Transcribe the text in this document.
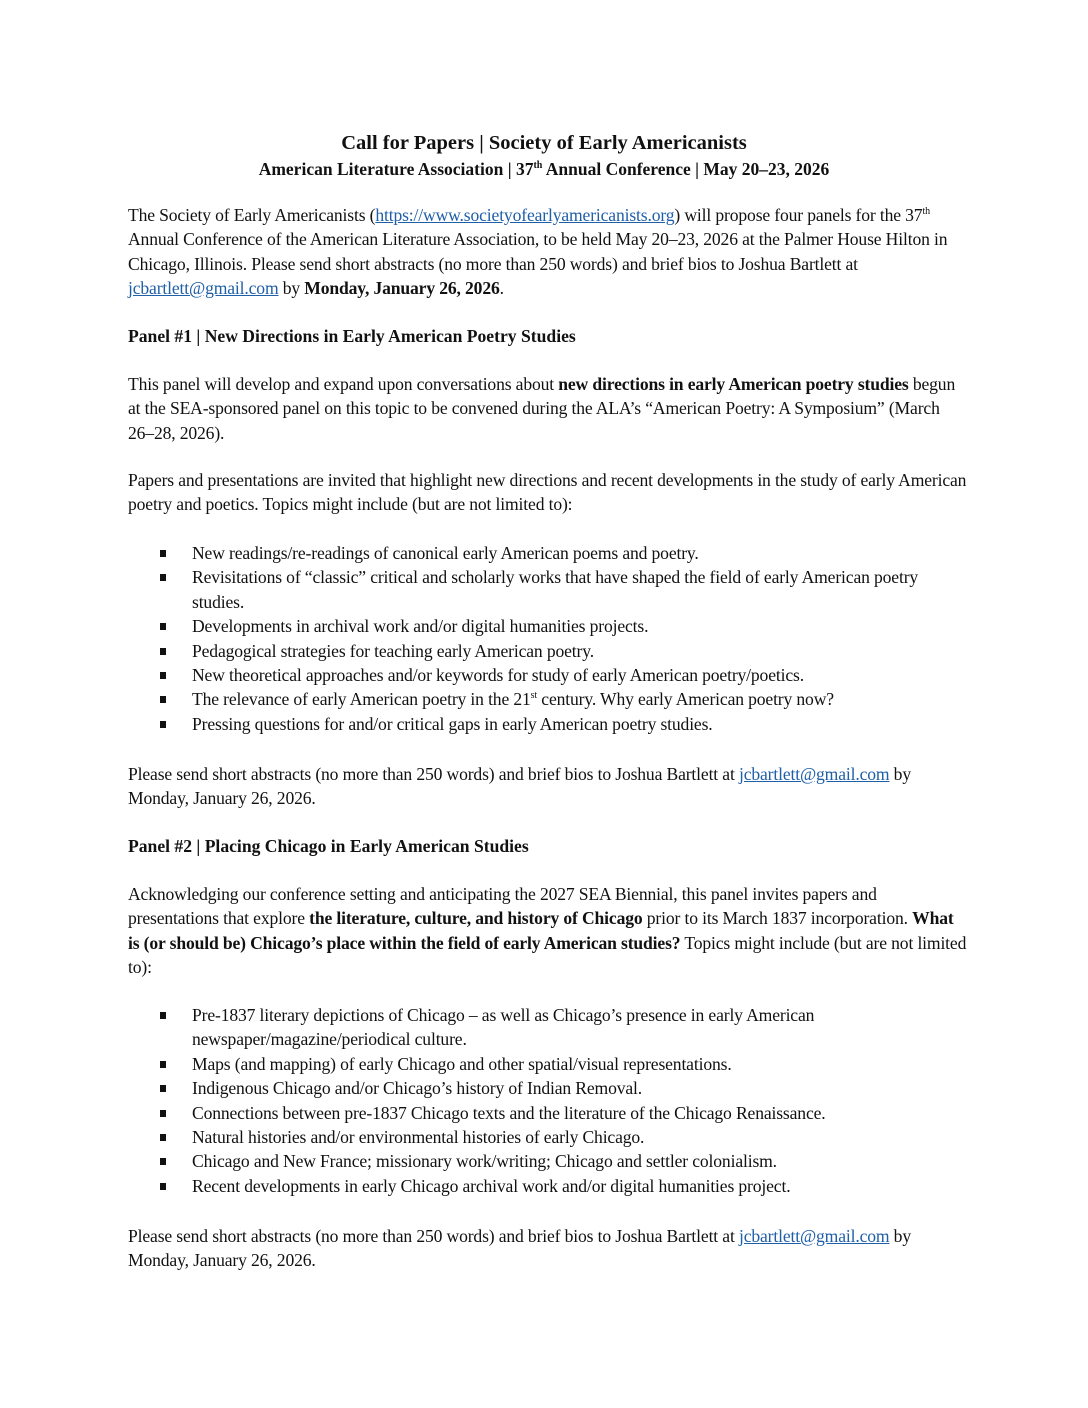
Call for Papers | Society of Early Americanists
American Literature Association | 37th Annual Conference | May 20–23, 2026
The Society of Early Americanists (https://www.societyofearlyamericanists.org) will propose four panels for the 37th Annual Conference of the American Literature Association, to be held May 20–23, 2026 at the Palmer House Hilton in Chicago, Illinois. Please send short abstracts (no more than 250 words) and brief bios to Joshua Bartlett at jcbartlett@gmail.com by Monday, January 26, 2026.
Panel #1 | New Directions in Early American Poetry Studies
This panel will develop and expand upon conversations about new directions in early American poetry studies begun at the SEA-sponsored panel on this topic to be convened during the ALA’s “American Poetry: A Symposium” (March 26–28, 2026).
Papers and presentations are invited that highlight new directions and recent developments in the study of early American poetry and poetics. Topics might include (but are not limited to):
New readings/re-readings of canonical early American poems and poetry.
Revisitations of “classic” critical and scholarly works that have shaped the field of early American poetry studies.
Developments in archival work and/or digital humanities projects.
Pedagogical strategies for teaching early American poetry.
New theoretical approaches and/or keywords for study of early American poetry/poetics.
The relevance of early American poetry in the 21st century. Why early American poetry now?
Pressing questions for and/or critical gaps in early American poetry studies.
Please send short abstracts (no more than 250 words) and brief bios to Joshua Bartlett at jcbartlett@gmail.com by Monday, January 26, 2026.
Panel #2 | Placing Chicago in Early American Studies
Acknowledging our conference setting and anticipating the 2027 SEA Biennial, this panel invites papers and presentations that explore the literature, culture, and history of Chicago prior to its March 1837 incorporation. What is (or should be) Chicago’s place within the field of early American studies? Topics might include (but are not limited to):
Pre-1837 literary depictions of Chicago – as well as Chicago’s presence in early American newspaper/magazine/periodical culture.
Maps (and mapping) of early Chicago and other spatial/visual representations.
Indigenous Chicago and/or Chicago’s history of Indian Removal.
Connections between pre-1837 Chicago texts and the literature of the Chicago Renaissance.
Natural histories and/or environmental histories of early Chicago.
Chicago and New France; missionary work/writing; Chicago and settler colonialism.
Recent developments in early Chicago archival work and/or digital humanities project.
Please send short abstracts (no more than 250 words) and brief bios to Joshua Bartlett at jcbartlett@gmail.com by Monday, January 26, 2026.
